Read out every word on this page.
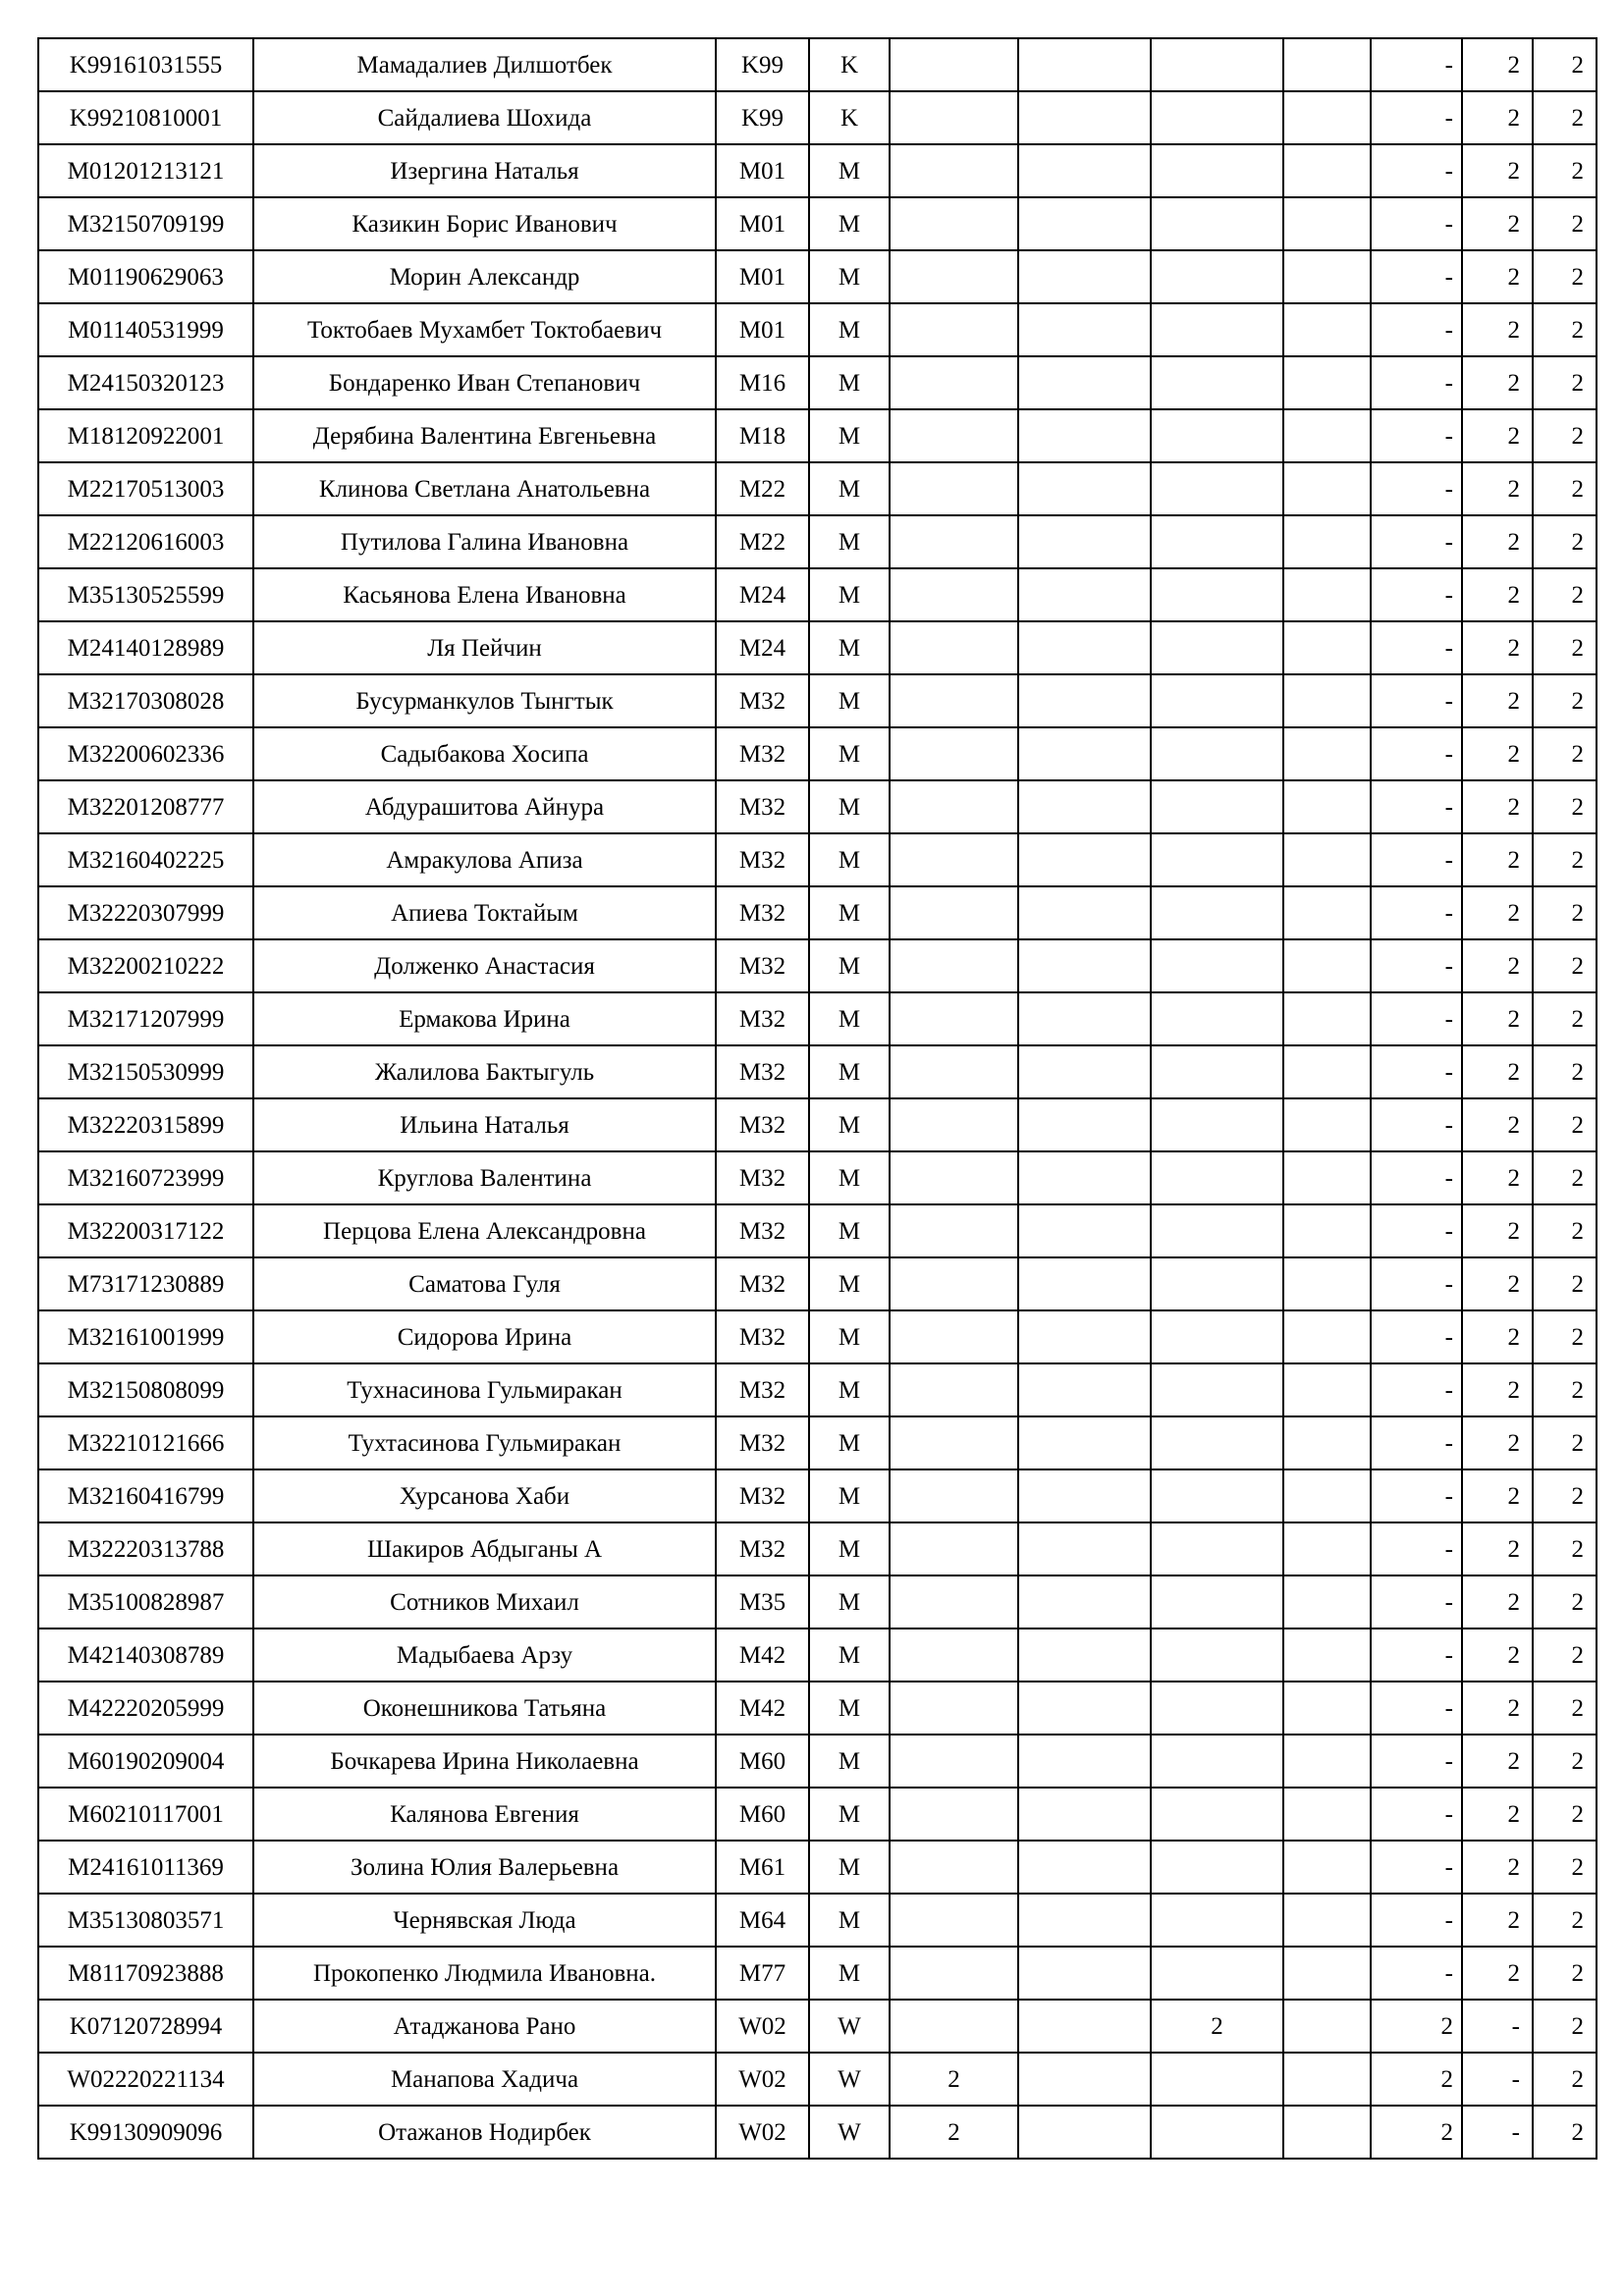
K99161031555	Мамадалиев Дилшотбек	K99	K					-	2	2
K99210810001	Сайдалиева Шохида	K99	K					-	2	2
M01201213121	Изергина Наталья	M01	M					-	2	2
M32150709199	Казикин Борис Иванович	M01	M					-	2	2
M01190629063	Морин Александр	M01	M					-	2	2
M01140531999	Токтобаев Мухамбет Токтобаевич	M01	M					-	2	2
M24150320123	Бондаренко Иван Степанович	M16	M					-	2	2
M18120922001	Дерябина Валентина Евгеньевна	M18	M					-	2	2
M22170513003	Клинова Светлана Анатольевна	M22	M					-	2	2
M22120616003	Путилова Галина Ивановна	M22	M					-	2	2
M35130525599	Касьянова Елена Ивановна	M24	M					-	2	2
M24140128989	Ля Пейчин	M24	M					-	2	2
M32170308028	Бусурманкулов Тынгтык	M32	M					-	2	2
M32200602336	Садыбакова Хосипа	M32	M					-	2	2
M32201208777	Абдурашитова Айнура	M32	M					-	2	2
M32160402225	Амракулова Апиза	M32	M					-	2	2
M32220307999	Апиева Токтайым	M32	M					-	2	2
M32200210222	Долженко Анастасия	M32	M					-	2	2
M32171207999	Ермакова Ирина	M32	M					-	2	2
M32150530999	Жалилова Бактыгуль	M32	M					-	2	2
M32220315899	Ильина Наталья	M32	M					-	2	2
M32160723999	Круглова Валентина	M32	M					-	2	2
M32200317122	Перцова Елена Александровна	M32	M					-	2	2
M73171230889	Саматова Гуля	M32	M					-	2	2
M32161001999	Сидорова Ирина	M32	M					-	2	2
M32150808099	Тухнасинова Гульмиракан	M32	M					-	2	2
M32210121666	Тухтасинова Гульмиракан	M32	M					-	2	2
M32160416799	Хурсанова Хаби	M32	M					-	2	2
M32220313788	Шакиров Абдыганы А	M32	M					-	2	2
M35100828987	Сотников Михаил	M35	M					-	2	2
M42140308789	Мадыбаева Арзу	M42	M					-	2	2
M42220205999	Оконешникова Татьяна	M42	M					-	2	2
M60190209004	Бочкарева Ирина Николаевна	M60	M					-	2	2
M60210117001	Калянова Евгения	M60	M					-	2	2
M24161011369	Золина Юлия Валерьевна	M61	M					-	2	2
M35130803571	Чернявская Люда	M64	M					-	2	2
M81170923888	Прокопенко Людмила Ивановна.	M77	M					-	2	2
K07120728994	Атаджанова Рано	W02	W			2		2	-	2
W02220221134	Манапова Хадича	W02	W	2				2	-	2
K99130909096	Отажанов Нодирбек	W02	W	2				2	-	2
